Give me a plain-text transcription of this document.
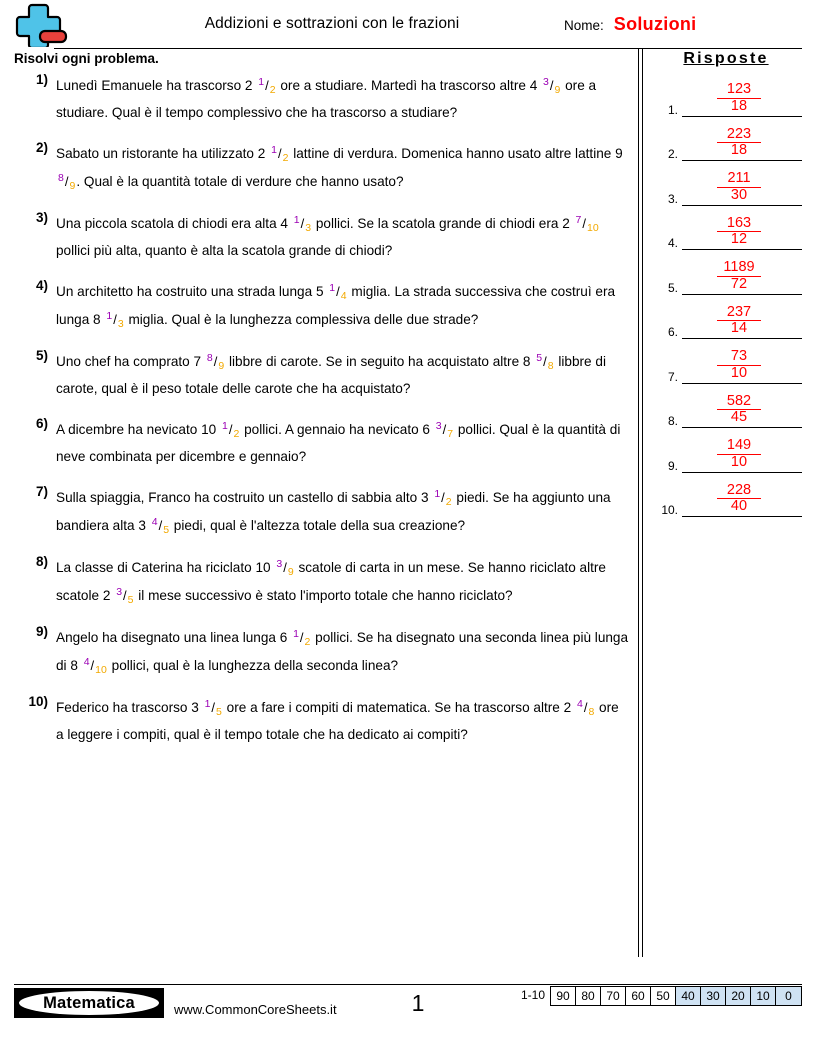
Addizioni e sottrazioni con le frazioni	Nome: Soluzioni
Risolvi ogni problema.
1) Lunedì Emanuele ha trascorso 2 $^1/_2$ ore a studiare. Martedì ha trascorso altre 4 $^3/_9$ ore a studiare. Qual è il tempo complessivo che ha trascorso a studiare?
2) Sabato un ristorante ha utilizzato 2 $^1/_2$ lattine di verdura. Domenica hanno usato altre lattine 9 $^8/_9$. Qual è la quantità totale di verdure che hanno usato?
3) Una piccola scatola di chiodi era alta 4 $^1/_3$ pollici. Se la scatola grande di chiodi era 2 $^7/_{10}$ pollici più alta, quanto è alta la scatola grande di chiodi?
4) Un architetto ha costruito una strada lunga 5 $^1/_4$ miglia. La strada successiva che costruì era lunga 8 $^1/_3$ miglia. Qual è la lunghezza complessiva delle due strade?
5) Uno chef ha comprato 7 $^8/_9$ libbre di carote. Se in seguito ha acquistato altre 8 $^5/_8$ libbre di carote, qual è il peso totale delle carote che ha acquistato?
6) A dicembre ha nevicato 10 $^1/_2$ pollici. A gennaio ha nevicato 6 $^3/_7$ pollici. Qual è la quantità di neve combinata per dicembre e gennaio?
7) Sulla spiaggia, Franco ha costruito un castello di sabbia alto 3 $^1/_2$ piedi. Se ha aggiunto una bandiera alta 3 $^4/_5$ piedi, qual è l'altezza totale della sua creazione?
8) La classe di Caterina ha riciclato 10 $^3/_9$ scatole di carta in un mese. Se hanno riciclato altre scatole 2 $^3/_5$ il mese successivo è stato l'importo totale che hanno riciclato?
9) Angelo ha disegnato una linea lunga 6 $^1/_2$ pollici. Se ha disegnato una seconda linea più lunga di 8 $^4/_{10}$ pollici, qual è la lunghezza della seconda linea?
10) Federico ha trascorso 3 $^1/_5$ ore a fare i compiti di matematica. Se ha trascorso altre 2 $^4/_8$ ore a leggere i compiti, qual è il tempo totale che ha dedicato ai compiti?
Risposte
1. $\frac{123}{18}$
2. $\frac{223}{18}$
3. $\frac{211}{30}$
4. $\frac{163}{12}$
5. $\frac{1189}{72}$
6. $\frac{237}{14}$
7. $\frac{73}{10}$
8. $\frac{582}{45}$
9. $\frac{149}{10}$
10. $\frac{228}{40}$
Matematica	www.CommonCoreSheets.it	1	1-10 90 80 70 60 50 40 30 20 10	0
